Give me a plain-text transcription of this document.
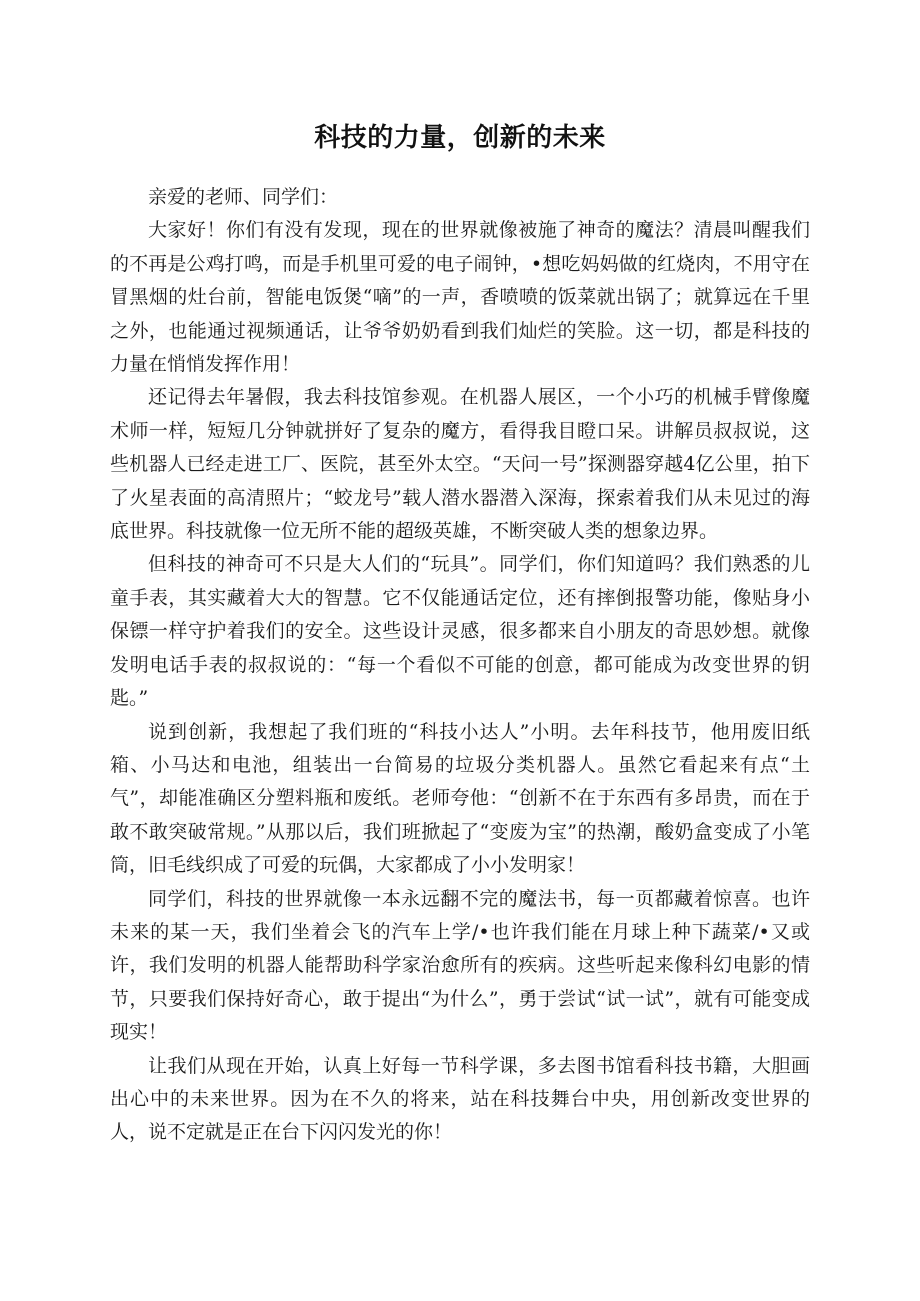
科技的力量，创新的未来

亲爱的老师、同学们：

大家好！你们有没有发现，现在的世界就像被施了神奇的魔法？清晨叫醒我们的不再是公鸡打鸣，而是手机里可爱的电子闹钟，•想吃妈妈做的红烧肉，不用守在冒黑烟的灶台前，智能电饭煲“嘀”的一声，香喷喷的饭菜就出锅了；就算远在千里之外，也能通过视频通话，让爷爷奶奶看到我们灿烂的笑脸。这一切，都是科技的力量在悄悄发挥作用！

还记得去年暑假，我去科技馆参观。在机器人展区，一个小巧的机械手臂像魔术师一样，短短几分钟就拼好了复杂的魔方，看得我目瞪口呆。讲解员叔叔说，这些机器人已经走进工厂、医院，甚至外太空。“天问一号”探测器穿越4亿公里，拍下了火星表面的高清照片；“蛟龙号”载人潜水器潜入深海，探索着我们从未见过的海底世界。科技就像一位无所不能的超级英雄，不断突破人类的想象边界。

但科技的神奇可不只是大人们的“玩具”。同学们，你们知道吗？我们熟悉的儿童手表，其实藏着大大的智慧。它不仅能通话定位，还有摔倒报警功能，像贴身小保镖一样守护着我们的安全。这些设计灵感，很多都来自小朋友的奇思妙想。就像发明电话手表的叔叔说的：“每一个看似不可能的创意，都可能成为改变世界的钥匙。”

说到创新，我想起了我们班的“科技小达人”小明。去年科技节，他用废旧纸箱、小马达和电池，组装出一台简易的垃圾分类机器人。虽然它看起来有点“土气”，却能准确区分塑料瓶和废纸。老师夸他：“创新不在于东西有多昂贵，而在于敢不敢突破常规。”从那以后，我们班掀起了“变废为宝”的热潮，酸奶盒变成了小笔筒，旧毛线织成了可爱的玩偶，大家都成了小小发明家！

同学们，科技的世界就像一本永远翻不完的魔法书，每一页都藏着惊喜。也许未来的某一天，我们坐着会飞的汽车上学/•也许我们能在月球上种下蔬菜/•又或许，我们发明的机器人能帮助科学家治愈所有的疾病。这些听起来像科幻电影的情节，只要我们保持好奇心，敢于提出“为什么”，勇于尝试“试一试”，就有可能变成现实！

让我们从现在开始，认真上好每一节科学课，多去图书馆看科技书籍，大胆画出心中的未来世界。因为在不久的将来，站在科技舞台中央，用创新改变世界的人，说不定就是正在台下闪闪发光的你！
